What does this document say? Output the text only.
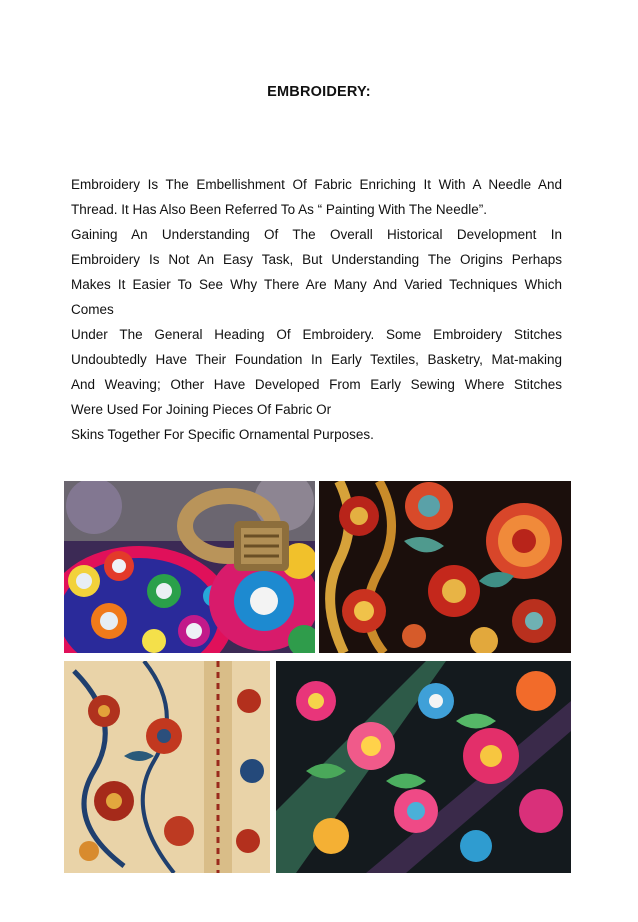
EMBROIDERY:
Embroidery Is The Embellishment Of Fabric Enriching It With A Needle And
Thread. It Has Also Been Referred To As “ Painting With The Needle”.
Gaining An Understanding Of The Overall Historical Development In
Embroidery Is Not An Easy Task, But Understanding The Origins Perhaps
Makes It Easier To See Why There Are Many And Varied Techniques Which
Comes
Under The General Heading Of Embroidery. Some Embroidery Stitches
Undoubtedly Have Their Foundation In Early Textiles, Basketry, Mat-making
And Weaving; Other Have Developed From Early Sewing Where Stitches
Were Used For Joining Pieces Of Fabric Or
Skins Together For Specific Ornamental Purposes.
